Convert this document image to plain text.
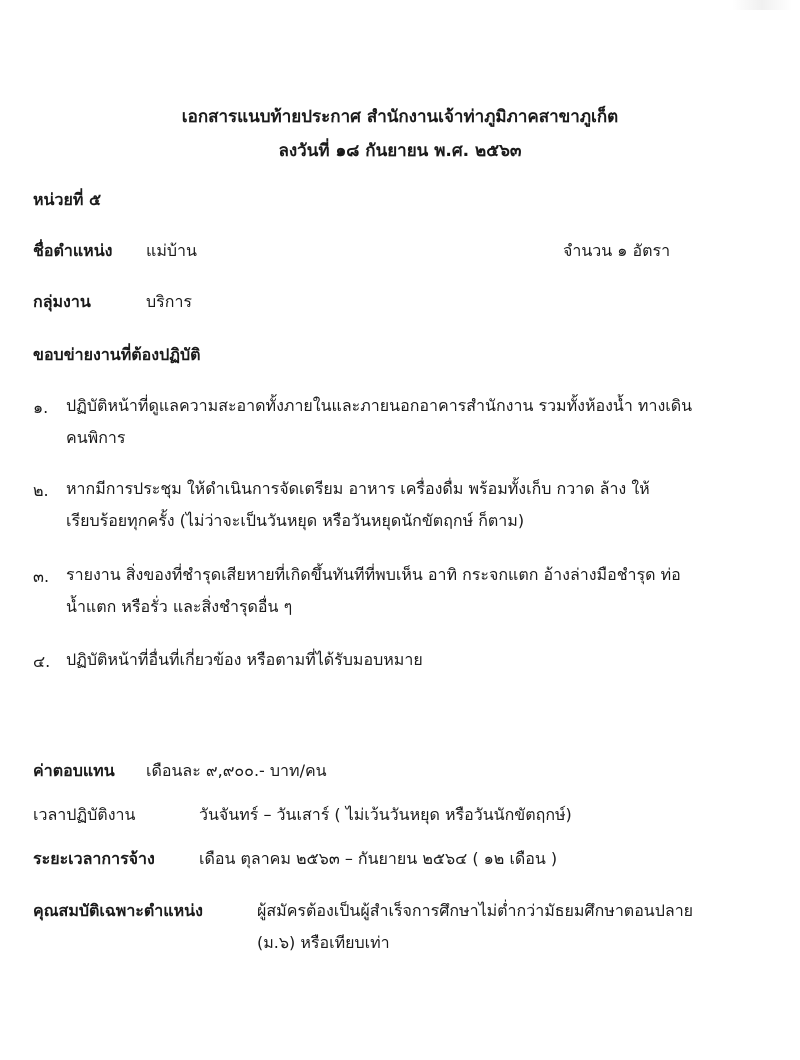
เอกสารแนบท้ายประกาศ สำนักงานเจ้าท่าภูมิภาคสาขาภูเก็ต
ลงวันที่ ๑๘ กันยายน พ.ศ. ๒๕๖๓
หน่วยที่ ๕
ชื่อตำแหน่ง แม่บ้าน	จำนวน ๑ อัตรา
กลุ่มงาน	บริการ
ขอบข่ายงานที่ต้องปฏิบัติ
๑.	ปฏิบัติหน้าที่ดูแลความสะอาดทั้งภายในและภายนอกอาคารสำนักงาน รวมทั้งห้องน้ำ ทางเดิน
คนพิการ
๒.	หากมีการประชุม ให้ดำเนินการจัดเตรียม อาหาร เครื่องดื่ม พร้อมทั้งเก็บ กวาด ล้าง ให้
เรียบร้อยทุกครั้ง (ไม่ว่าจะเป็นวันหยุด หรือวันหยุดนักขัตฤกษ์ ก็ตาม)
๓.	รายงาน สิ่งของที่ชำรุดเสียหายที่เกิดขึ้นทันทีที่พบเห็น อาทิ กระจกแตก อ้างล่างมือชำรุด ท่อ
น้ำแตก หรือรั่ว และสิ่งชำรุดอื่น ๆ
๔. ปฏิบัติหน้าที่อื่นที่เกี่ยวข้อง หรือตามที่ได้รับมอบหมาย
ค่าตอบแทน เดือนละ ๙,๙๐๐.- บาท/คน
เวลาปฏิบัติงาน	วันจันทร์ – วันเสาร์ ( ไม่เว้นวันหยุด หรือวันนักขัตฤกษ์)
ระยะเวลาการจ้าง	เดือน ตุลาคม ๒๕๖๓ – กันยายน ๒๕๖๔ ( ๑๒ เดือน )
คุณสมบัติเฉพาะตำแหน่ง	ผู้สมัครต้องเป็นผู้สำเร็จการศึกษาไม่ต่ำกว่ามัธยมศึกษาตอนปลาย
(ม.๖) หรือเทียบเท่า
